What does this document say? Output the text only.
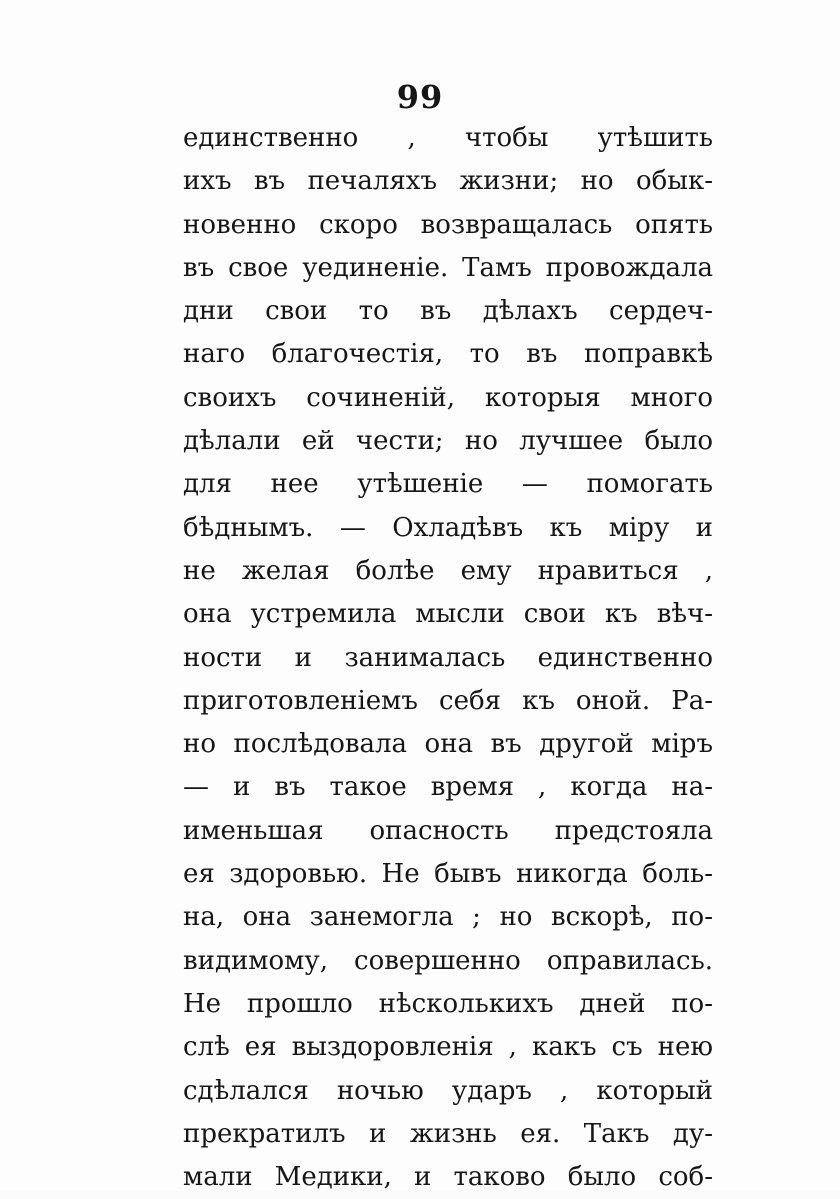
99
единственно , чтобы утѣшить
ихъ въ печаляхъ жизни; но обык-
новенно скоро возвращалась опять
въ свое уединеніе. Тамъ провождала
дни свои то въ дѣлахъ сердеч-
наго благочестія, то въ поправкѣ
своихъ сочиненій, которыя много
дѣлали ей чести; но лучшее было
для нее утѣшеніе — помогать
бѣднымъ. — Охладѣвъ къ міру и
не желая болѣе ему нравиться ,
она устремила мысли свои къ вѣч-
ности и занималась единственно
приготовленіемъ себя къ оной. Ра-
но послѣдовала она въ другой міръ
— и въ такое время , когда на-
именьшая опасность предстояла
ея здоровью. Не бывъ никогда боль-
на, она занемогла ; но вскорѣ, по-
видимому, совершенно оправилась.
Не прошло нѣсколькихъ дней по-
слѣ ея выздоровленія , какъ съ нею
сдѣлался ночью ударъ , который
прекратилъ и жизнь ея. Такъ ду-
мали Медики, и таково было соб-
